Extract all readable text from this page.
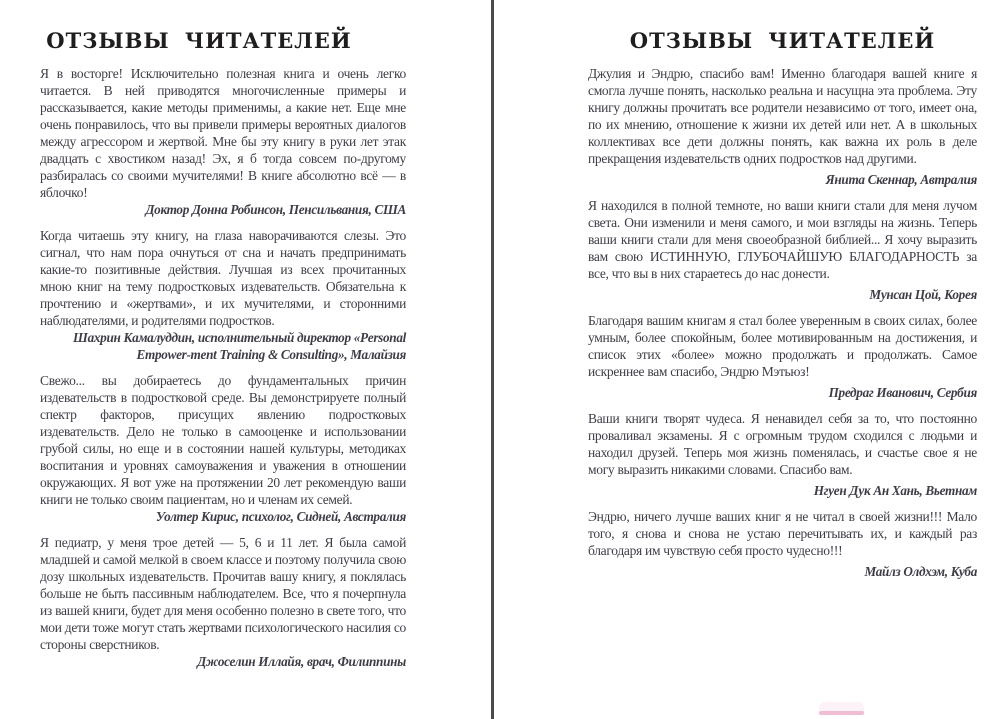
ОТЗЫВЫ ЧИТАТЕЛЕЙ

Я в восторге! Исключительно полезная книга и очень легко читается. В ней приводятся многочисленные примеры и рассказывается, какие методы применимы, а какие нет. Еще мне очень понравилось, что вы привели примеры вероятных диалогов между агрессором и жертвой. Мне бы эту книгу в руки лет этак двадцать с хвостиком назад! Эх, я б тогда совсем по-другому разбиралась со своими мучителями! В книге абсолютно всё — в яблочко!

Доктор Донна Робинсон, Пенсильвания, США

Когда читаешь эту книгу, на глаза наворачиваются слезы. Это сигнал, что нам пора очнуться от сна и начать предпринимать какие-то позитивные действия. Лучшая из всех прочитанных мною книг на тему подростковых издевательств. Обязательна к прочтению и «жертвами», и их мучителями, и сторонними наблюдателями, и родителями подростков.

Шахрин Камалуддин, исполнительный директор «Personal Empower-ment Training & Consulting», Малайзия

Свежо... вы добираетесь до фундаментальных причин издевательств в подростковой среде. Вы демонстрируете полный спектр факторов, присущих явлению подростковых издевательств. Дело не только в самооценке и использовании грубой силы, но еще и в состоянии нашей культуры, методиках воспитания и уровнях самоуважения и уважения в отношении окружающих. Я вот уже на протяжении 20 лет рекомендую ваши книги не только своим пациентам, но и членам их семей.

Уолтер Кирис, психолог, Сидней, Австралия

Я педиатр, у меня трое детей — 5, 6 и 11 лет. Я была самой младшей и самой мелкой в своем классе и поэтому получила свою дозу школьных издевательств. Прочитав вашу книгу, я поклялась больше не быть пассивным наблюдателем. Все, что я почерпнула из вашей книги, будет для меня особенно полезно в свете того, что мои дети тоже могут стать жертвами психологического насилия со стороны сверстников.

Джоселин Иллайя, врач, Филиппины

ОТЗЫВЫ ЧИТАТЕЛЕЙ

Джулия и Эндрю, спасибо вам! Именно благодаря вашей книге я смогла лучше понять, насколько реальна и насущна эта проблема. Эту книгу должны прочитать все родители независимо от того, имеет она, по их мнению, отношение к жизни их детей или нет. А в школьных коллективах все дети должны понять, как важна их роль в деле прекращения издевательств одних подростков над другими.

Янита Скеннар, Автралия

Я находился в полной темноте, но ваши книги стали для меня лучом света. Они изменили и меня самого, и мои взгляды на жизнь. Теперь ваши книги стали для меня своеобразной библией... Я хочу выразить вам свою ИСТИННУЮ, ГЛУБОЧАЙШУЮ БЛАГОДАРНОСТЬ за все, что вы в них стараетесь до нас донести.

Мунсан Цой, Корея

Благодаря вашим книгам я стал более уверенным в своих силах, более умным, более спокойным, более мотивированным на достижения, и список этих «более» можно продолжать и продолжать. Самое искреннее вам спасибо, Эндрю Мэтьюз!

Предраг Иванович, Сербия

Ваши книги творят чудеса. Я ненавидел себя за то, что постоянно проваливал экзамены. Я с огромным трудом сходился с людьми и находил друзей. Теперь моя жизнь поменялась, и счастье свое я не могу выразить никакими словами. Спасибо вам.

Нгуен Дук Ан Хань, Вьетнам

Эндрю, ничего лучше ваших книг я не читал в своей жизни!!! Мало того, я снова и снова не устаю перечитывать их, и каждый раз благодаря им чувствую себя просто чудесно!!!

Майлз Олдхэм, Куба
